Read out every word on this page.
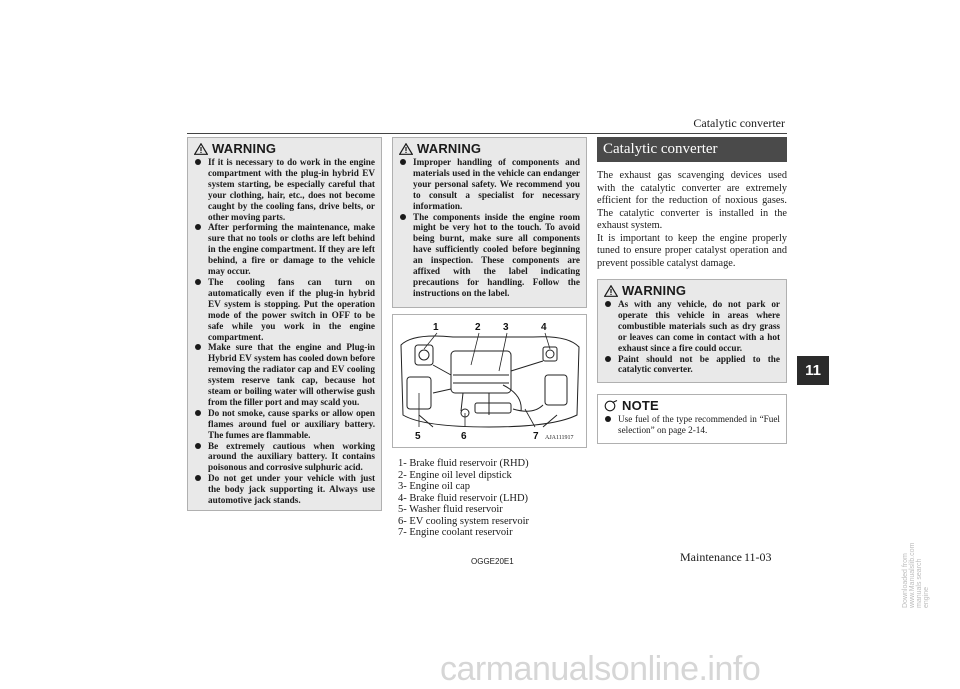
Catalytic converter
11
WARNING
If it is necessary to do work in the engine compartment with the plug-in hybrid EV system starting, be especially careful that your clothing, hair, etc., does not become caught by the cooling fans, drive belts, or other moving parts.
After performing the maintenance, make sure that no tools or cloths are left behind in the engine compartment. If they are left behind, a fire or damage to the vehicle may occur.
The cooling fans can turn on automatically even if the plug-in hybrid EV system is stopping. Put the operation mode of the power switch in OFF to be safe while you work in the engine compartment.
Make sure that the engine and Plug-in Hybrid EV system has cooled down before removing the radiator cap and EV cooling system reserve tank cap, because hot steam or boiling water will otherwise gush from the filler port and may scald you.
Do not smoke, cause sparks or allow open flames around fuel or auxiliary battery. The fumes are flammable.
Be extremely cautious when working around the auxiliary battery. It contains poisonous and corrosive sulphuric acid.
Do not get under your vehicle with just the body jack supporting it. Always use automotive jack stands.
WARNING
Improper handling of components and materials used in the vehicle can endanger your personal safety. We recommend you to consult a specialist for necessary information.
The components inside the engine room might be very hot to the touch. To avoid being burnt, make sure all components have sufficiently cooled before beginning an inspection. These components are affixed with the label indicating precautions for handling. Follow the instructions on the label.
1	2 3	4
5	6	7 AJA111917
1- Brake fluid reservoir (RHD)
2- Engine oil level dipstick
3- Engine oil cap
4- Brake fluid reservoir (LHD)
5- Washer fluid reservoir
6- EV cooling system reservoir
7- Engine coolant reservoir
Catalytic converter

The exhaust gas scavenging devices used with the catalytic converter are extremely efficient for the reduction of noxious gases. The catalytic converter is installed in the exhaust system.

It is important to keep the engine properly tuned to ensure proper catalyst operation and prevent possible catalyst damage.

WARNING
As with any vehicle, do not park or operate this vehicle in areas where combustible materials such as dry grass or leaves can come in contact with a hot exhaust since a fire could occur.
Paint should not be applied to the catalytic converter.
NOTE
Use fuel of the type recommended in “Fuel selection” on page 2-14.
OGGE20E1	Maintenance 11-03
carmanualsonline.info
Downloaded from www.Manualslib.com manuals search engine
